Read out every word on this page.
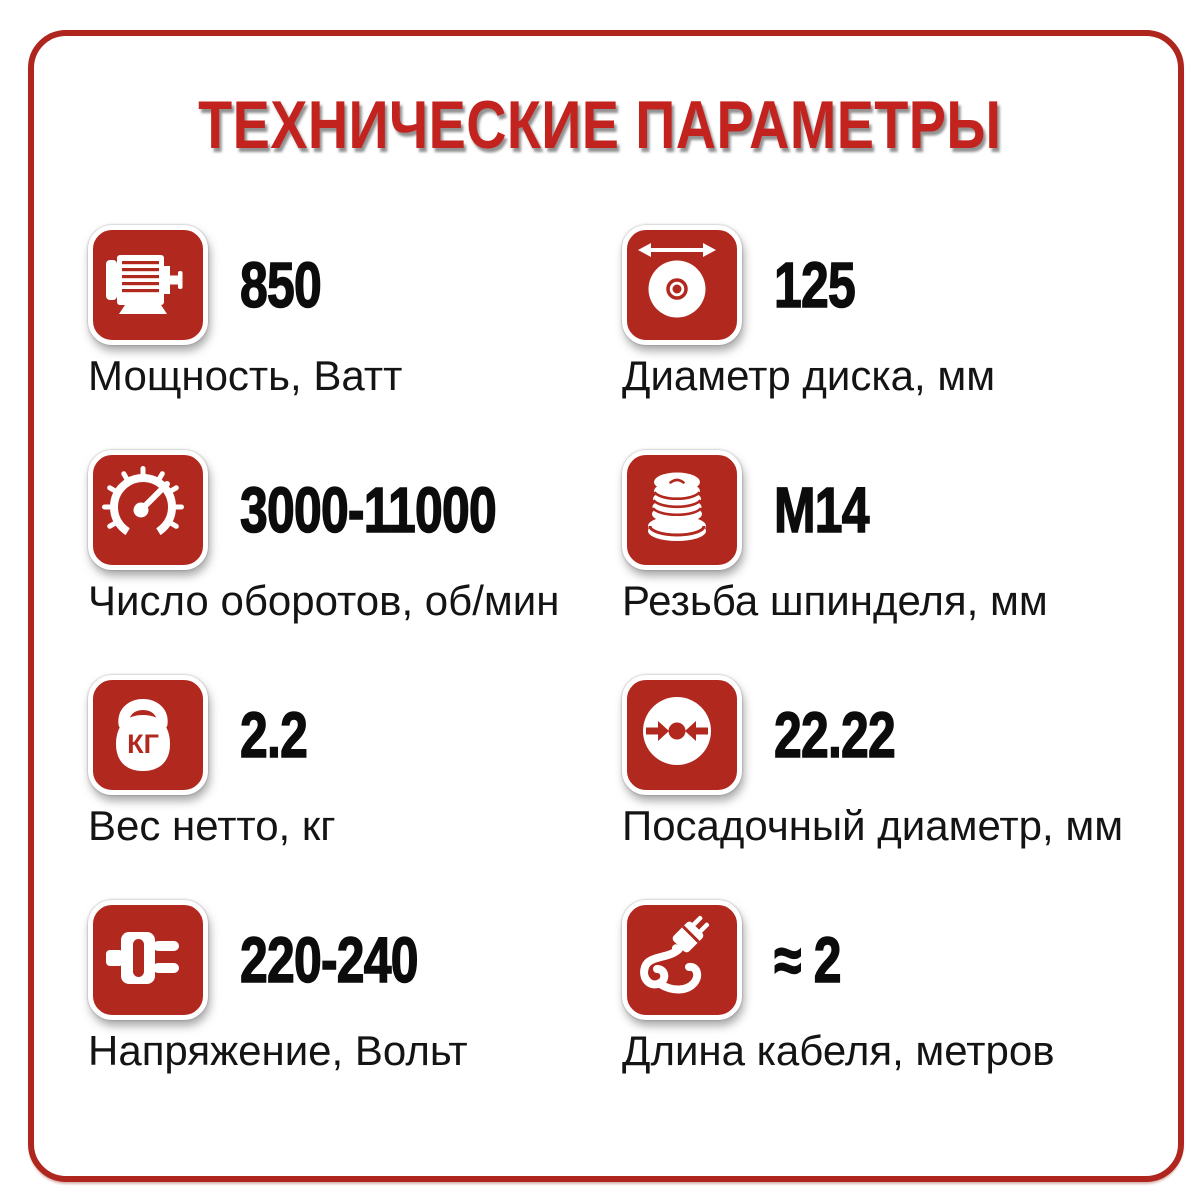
ТЕХНИЧЕСКИЕ ПАРАМЕТРЫ
850
Мощность, Ватт
125
Диаметр диска, мм
3000-11000
Число оборотов, об/мин
М14
Резьба шпинделя, мм
КГ 2.2
Вес нетто, кг
22.22
Посадочный диаметр, мм
220-240
Напряжение, Вольт
≈ 2
Длина кабеля, метров
